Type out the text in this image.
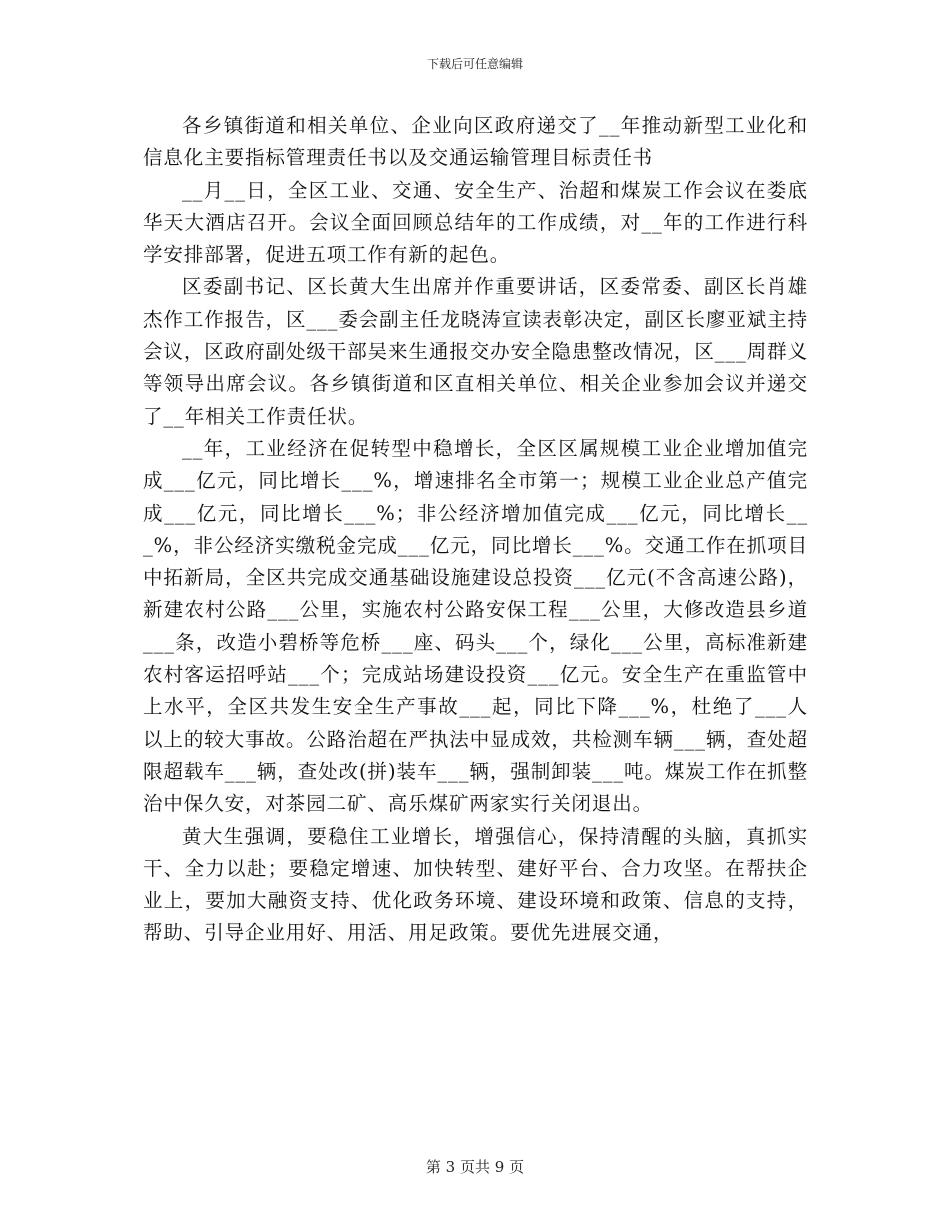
下载后可任意编辑

各乡镇街道和相关单位、企业向区政府递交了__年推动新型工业化和信息化主要指标管理责任书以及交通运输管理目标责任书

__月__日，全区工业、交通、安全生产、治超和煤炭工作会议在娄底华天大酒店召开。会议全面回顾总结年的工作成绩，对__年的工作进行科学安排部署，促进五项工作有新的起色。

区委副书记、区长黄大生出席并作重要讲话，区委常委、副区长肖雄杰作工作报告，区___委会副主任龙晓涛宣读表彰决定，副区长廖亚斌主持会议，区政府副处级干部吴来生通报交办安全隐患整改情况，区___周群义等领导出席会议。各乡镇街道和区直相关单位、相关企业参加会议并递交了__年相关工作责任状。

__年，工业经济在促转型中稳增长，全区区属规模工业企业增加值完成___亿元，同比增长___%，增速排名全市第一；规模工业企业总产值完成___亿元，同比增长___%；非公经济增加值完成___亿元，同比增长___%，非公经济实缴税金完成___亿元，同比增长___%。交通工作在抓项目中拓新局，全区共完成交通基础设施建设总投资___亿元(不含高速公路)，新建农村公路___公里，实施农村公路安保工程___公里，大修改造县乡道___条，改造小碧桥等危桥___座、码头___个，绿化___公里，高标准新建农村客运招呼站___个；完成站场建设投资___亿元。安全生产在重监管中上水平，全区共发生安全生产事故___起，同比下降___%，杜绝了___人以上的较大事故。公路治超在严执法中显成效，共检测车辆___辆，查处超限超载车___辆，查处改(拼)装车___辆，强制卸装___吨。煤炭工作在抓整治中保久安，对茶园二矿、高乐煤矿两家实行关闭退出。

黄大生强调，要稳住工业增长，增强信心，保持清醒的头脑，真抓实干、全力以赴；要稳定增速、加快转型、建好平台、合力攻坚。在帮扶企业上，要加大融资支持、优化政务环境、建设环境和政策、信息的支持，帮助、引导企业用好、用活、用足政策。要优先进展交通，

第 3 页共 9 页
